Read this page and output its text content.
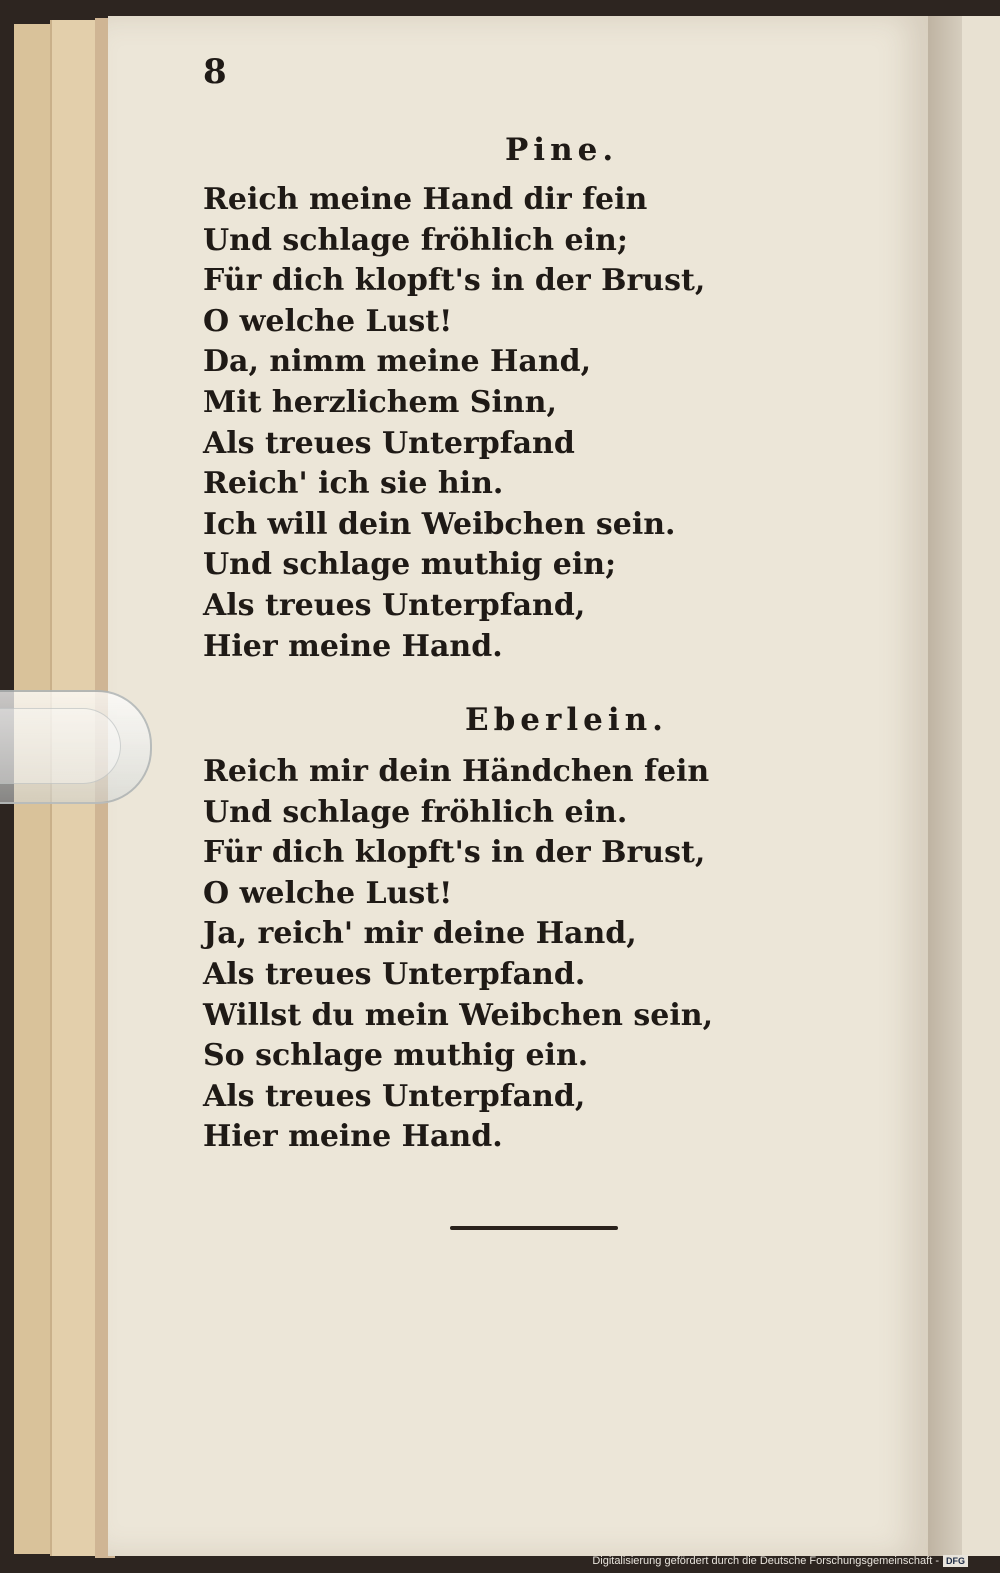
8
Pine.
Reich meine Hand dir fein
Und schlage fröhlich ein;
Für dich klopft's in der Brust,
O welche Lust!
Da, nimm meine Hand,
Mit herzlichem Sinn,
Als treues Unterpfand
Reich' ich sie hin.
Ich will dein Weibchen sein.
Und schlage muthig ein;
Als treues Unterpfand,
Hier meine Hand.
Eberlein.
Reich mir dein Händchen fein
Und schlage fröhlich ein.
Für dich klopft's in der Brust,
O welche Lust!
Ja, reich' mir deine Hand,
Als treues Unterpfand.
Willst du mein Weibchen sein,
So schlage muthig ein.
Als treues Unterpfand,
Hier meine Hand.
Digitalisierung gefördert durch die Deutsche Forschungsgemeinschaft - DFG
